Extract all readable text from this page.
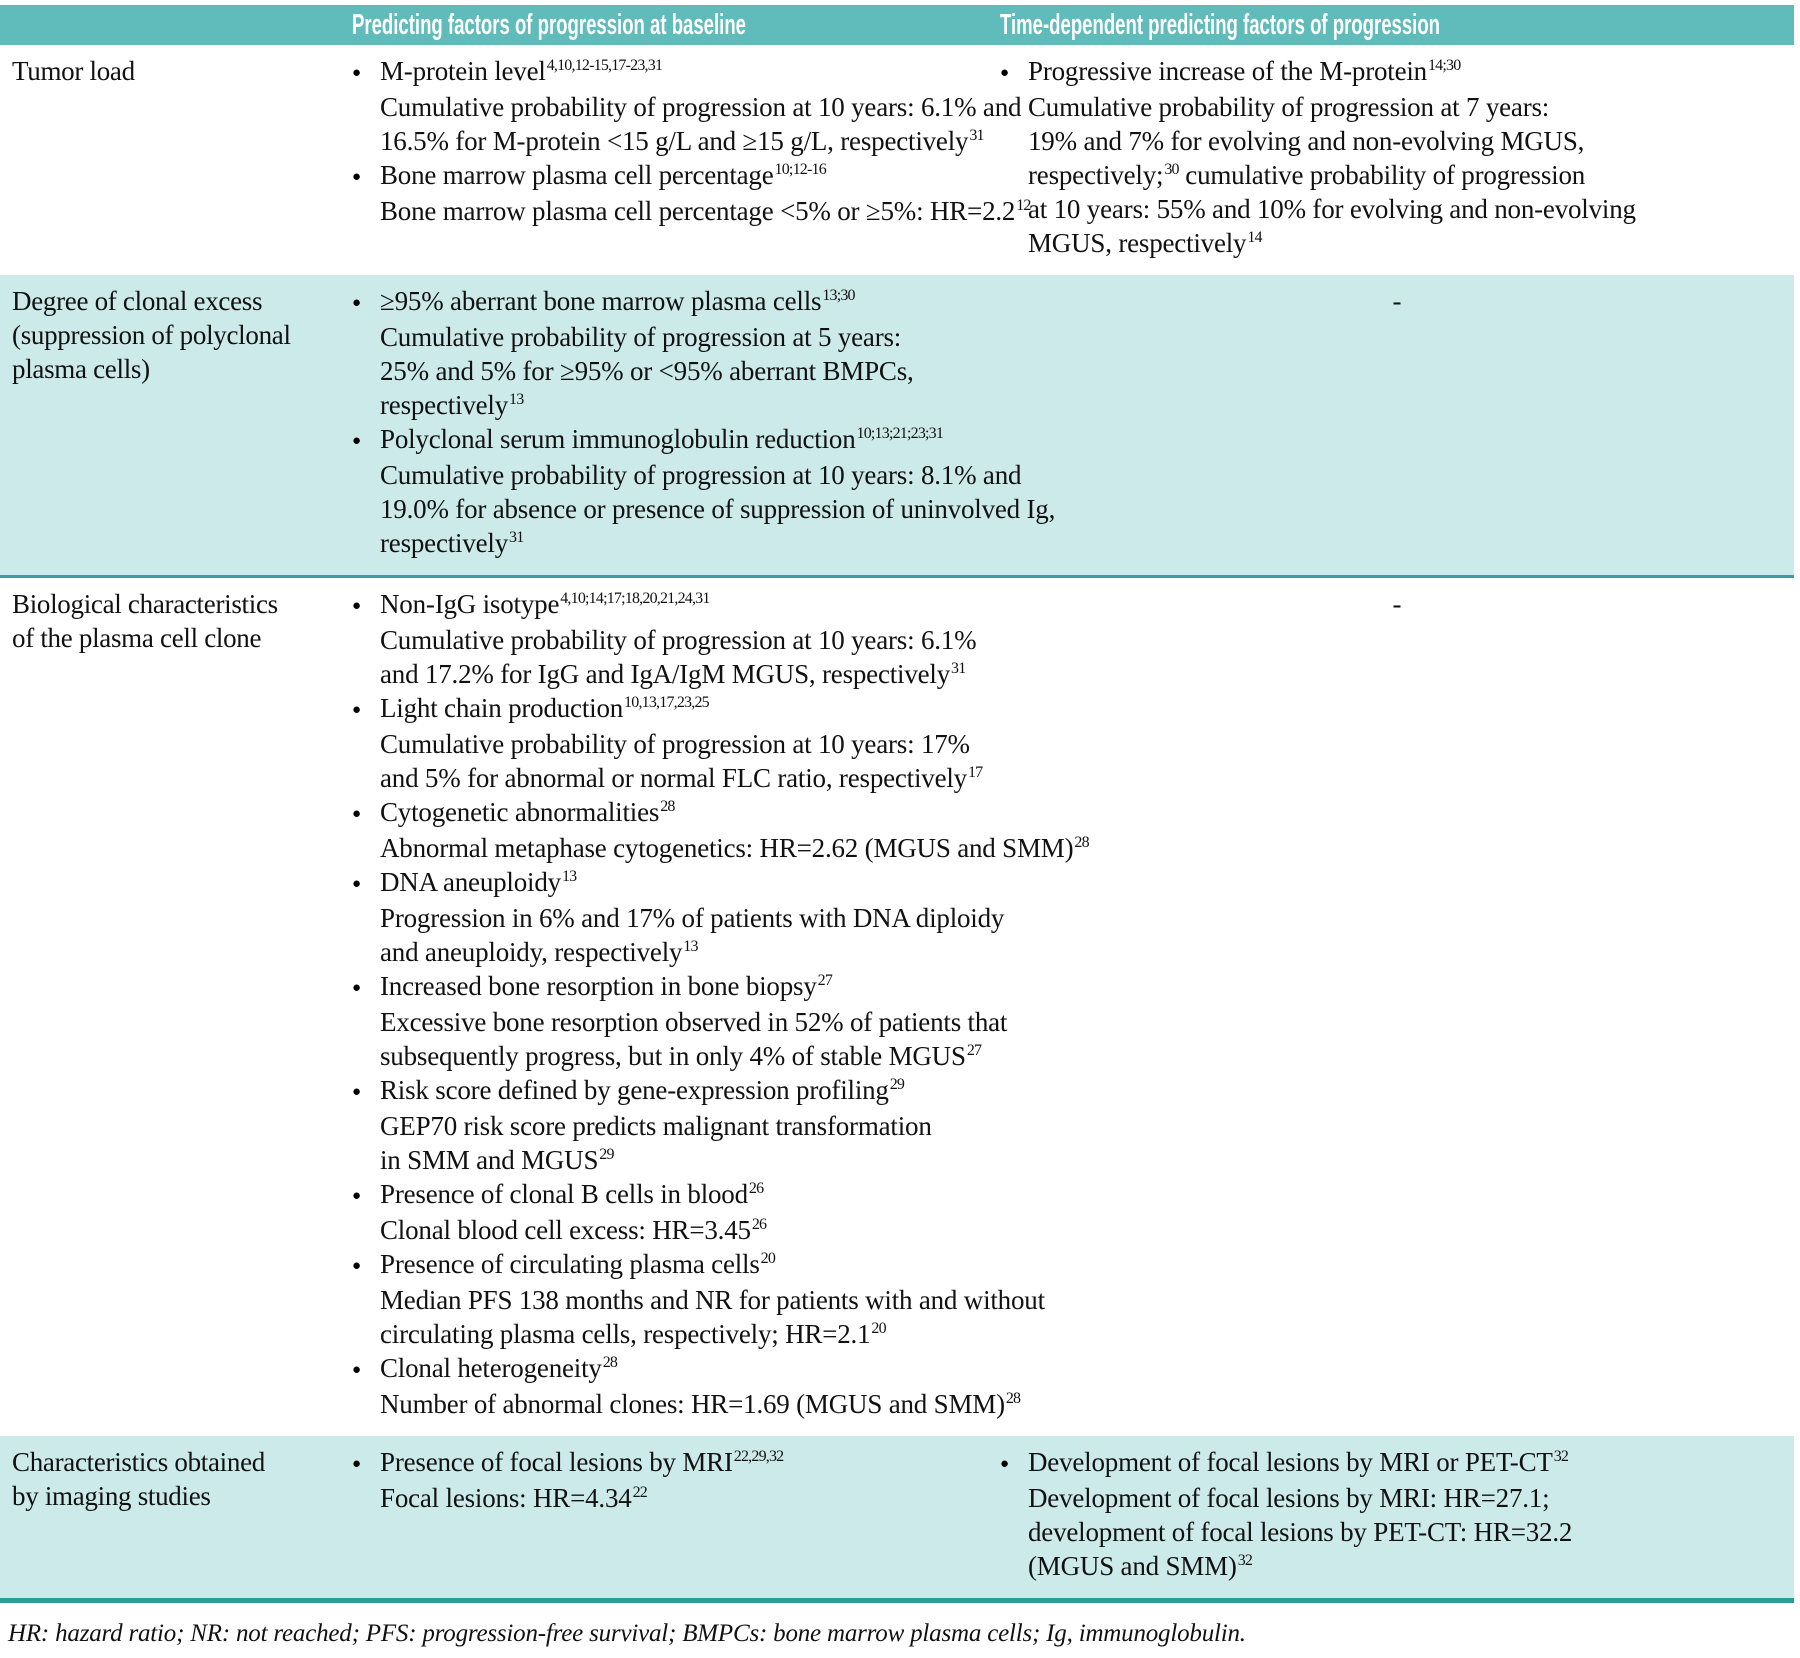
Predicting factors of progression at baseline	Time-dependent predicting factors of progression
Tumor load	● M-protein level$^{4,10,12-15,17-23,31}$
Cumulative probability of progression at 10 years: 6.1% and
16.5% for M-protein <15 g/L and ≥15 g/L, respectively$^{31}$
● Bone marrow plasma cell percentage$^{10;12-16}$
Bone marrow plasma cell percentage <5% or ≥5%: $HR=2.2^{12}$
● Progressive increase of the M-protein$^{14;30}$
Cumulative probability of progression at 7 years:
19% and 7% for evolving and non-evolving MGUS,
respectively;$^{30}$ cumulative probability of progression
at 10 years: 55% and 10% for evolving and non-evolving
MGUS, respectively$^{14}$
Degree of clonal excess
(suppression of polyclonal
plasma cells)
● ≥95% aberrant bone marrow plasma cells$^{13;30}$
Cumulative probability of progression at 5 years:
25% and 5% for ≥95% or <95% aberrant BMPCs,
respectively$^{13}$
● Polyclonal serum immunoglobulin reduction$^{10;13;21;23;31}$
Cumulative probability of progression at 10 years: 8.1% and
19.0% for absence or presence of suppression of uninvolved Ig,
respectively$^{31}$
-
Biological characteristics
of the plasma cell clone
● Non-IgG isotype$^{4,10;14;17;18,20,21,24,31}$
Cumulative probability of progression at 10 years: 6.1%
and 17.2% for IgG and IgA/IgM MGUS, respectively$^{31}$
● Light chain production$^{10,13,17,23,25}$
Cumulative probability of progression at 10 years: 17%
and 5% for abnormal or normal FLC ratio, respectively$^{17}$
● Cytogenetic abnormalities$^{28}$
Abnormal metaphase cytogenetics: HR=2.62 (MGUS and SMM)$^{28}$
● DNA aneuploidy$^{13}$
Progression in 6% and 17% of patients with DNA diploidy
and aneuploidy, respectively$^{13}$
● Increased bone resorption in bone biopsy$^{27}$
Excessive bone resorption observed in 52% of patients that
subsequently progress, but in only 4% of stable MGUS$^{27}$
● Risk score defined by gene-expression profiling$^{29}$
GEP70 risk score predicts malignant transformation
in SMM and MGUS$^{29}$
● Presence of clonal B cells in blood$^{26}$
Clonal blood cell excess: $HR=3.45^{26}$
● Presence of circulating plasma cells$^{20}$
Median PFS 138 months and NR for patients with and without
circulating plasma cells, respectively; $HR=2.1^{20}$
● Clonal heterogeneity$^{28}$
Number of abnormal clones: HR=1.69 (MGUS and SMM)$^{28}$
-
Characteristics obtained
by imaging studies
● Presence of focal lesions by MRI$^{22,29,32}$
Focal lesions: $HR=4.34^{22}$
● Development of focal lesions by MRI or PET-CT$^{32}$
Development of focal lesions by MRI: HR=27.1;
development of focal lesions by PET-CT: HR=32.2
(MGUS and SMM)$^{32}$
HR: hazard ratio; NR: not reached; PFS: progression-free survival; BMPCs: bone marrow plasma cells; Ig, immunoglobulin.
